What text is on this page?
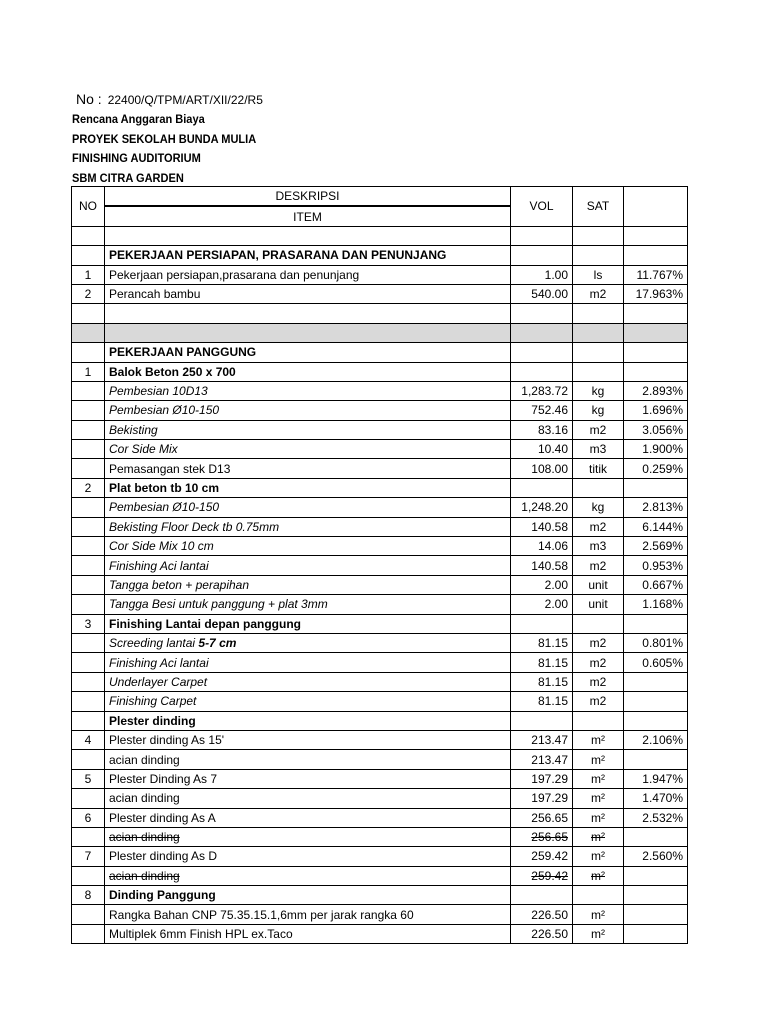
No : 22400/Q/TPM/ART/XII/22/R5
Rencana Anggaran Biaya
PROYEK SEKOLAH BUNDA MULIA
FINISHING AUDITORIUM
SBM CITRA GARDEN
NO	DESKRIPSI	VOL	SAT	
	ITEM			

	PEKERJAAN PERSIAPAN, PRASARANA DAN PENUNJANG			
1	Pekerjaan persiapan,prasarana dan penunjang	1.00	ls	11.767%
2	Perancah bambu	540.00	m2	17.963%

	PEKERJAAN PANGGUNG			
1	Balok Beton 250 x 700			
	Pembesian 10D13	1,283.72	kg	2.893%
	Pembesian Ø10-150	752.46	kg	1.696%
	Bekisting	83.16	m2	3.056%
	Cor Side Mix	10.40	m3	1.900%
	Pemasangan stek D13	108.00	titik	0.259%
2	Plat beton tb 10 cm			
	Pembesian Ø10-150	1,248.20	kg	2.813%
	Bekisting Floor Deck tb 0.75mm	140.58	m2	6.144%
	Cor Side Mix 10 cm	14.06	m3	2.569%
	Finishing Aci lantai	140.58	m2	0.953%
	Tangga beton + perapihan	2.00	unit	0.667%
	Tangga Besi untuk panggung + plat 3mm	2.00	unit	1.168%
3	Finishing Lantai depan panggung			
	Screeding lantai 5-7 cm	81.15	m2	0.801%
	Finishing Aci lantai	81.15	m2	0.605%
	Underlayer Carpet	81.15	m2	
	Finishing Carpet	81.15	m2	
	Plester dinding			
4	Plester dinding As 15'	213.47	m²	2.106%
	acian dinding	213.47	m²	
5	Plester Dinding As 7	197.29	m²	1.947%
	acian dinding	197.29	m²	1.470%
6	Plester dinding As A	256.65	m²	2.532%
	acian dinding	256.65	m²	
7	Plester dinding As D	259.42	m²	2.560%
	acian dinding	259.42	m²	
8	Dinding Panggung			
	Rangka Bahan CNP 75.35.15.1,6mm per jarak rangka 60	226.50	m²	
	Multiplek 6mm Finish HPL ex.Taco	226.50	m²	
